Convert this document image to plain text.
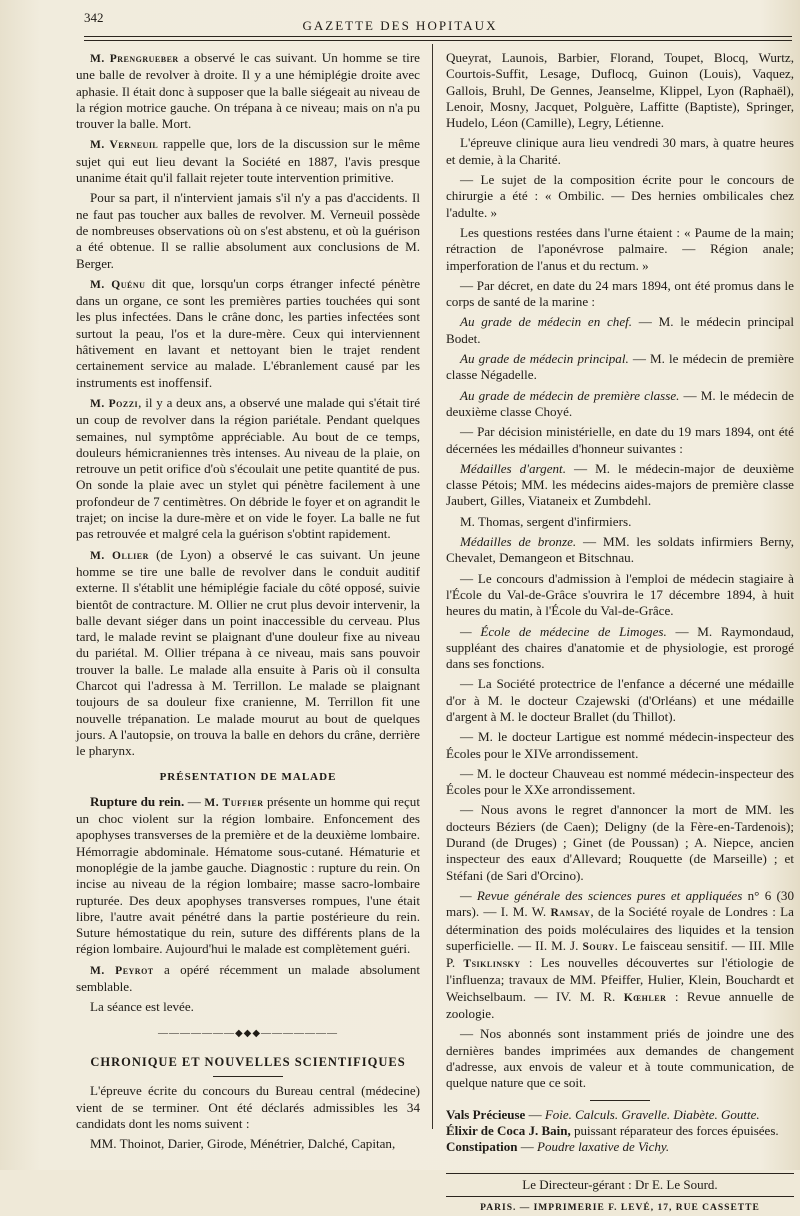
342
GAZETTE DES HOPITAUX

M. Prengrueber a observé le cas suivant. Un homme se tire une balle de revolver à droite. Il y a une hémiplégie droite avec aphasie. Il était donc à supposer que la balle siégeait au niveau de la région motrice gauche. On trépana à ce niveau; mais on n'a pu trouver la balle. Mort.

M. Verneuil rappelle que, lors de la discussion sur le même sujet qui eut lieu devant la Société en 1887, l'avis presque unanime était qu'il fallait rejeter toute intervention primitive.

Pour sa part, il n'intervient jamais s'il n'y a pas d'accidents. Il ne faut pas toucher aux balles de revolver. M. Verneuil possède de nombreuses observations où on s'est abstenu, et où la guérison a été obtenue. Il se rallie absolument aux conclusions de M. Berger.

M. Quénu dit que, lorsqu'un corps étranger infecté pénètre dans un organe, ce sont les premières parties touchées qui sont les plus infectées. Dans le crâne donc, les parties infectées sont surtout la peau, l'os et la dure-mère. Ceux qui interviennent hâtivement en lavant et nettoyant bien le trajet rendent certainement service au malade. L'ébranlement causé par les instruments est inoffensif.

M. Pozzi, il y a deux ans, a observé une malade qui s'était tiré un coup de revolver dans la région pariétale. Pendant quelques semaines, nul symptôme appréciable. Au bout de ce temps, douleurs hémicraniennes très intenses. Au niveau de la plaie, on retrouve un petit orifice d'où s'écoulait une petite quantité de pus. On sonde la plaie avec un stylet qui pénètre facilement à une profondeur de 7 centimètres. On débride le foyer et on agrandit le trajet; on incise la dure-mère et on vide le foyer. La balle ne fut pas retrouvée et malgré cela la guérison s'obtint rapidement.

M. Ollier (de Lyon) a observé le cas suivant. Un jeune homme se tire une balle de revolver dans le conduit auditif externe. Il s'établit une hémiplégie faciale du côté opposé, suivie bientôt de contracture. M. Ollier ne crut plus devoir intervenir, la balle devant siéger dans un point inaccessible du cerveau. Plus tard, le malade revint se plaignant d'une douleur fixe au niveau du pariétal. M. Ollier trépana à ce niveau, mais sans pouvoir trouver la balle. Le malade alla ensuite à Paris où il consulta Charcot qui l'adressa à M. Terrillon. Le malade se plaignant toujours de sa douleur fixe cranienne, M. Terrillon fit une nouvelle trépanation. Le malade mourut au bout de quelques jours. A l'autopsie, on trouva la balle en dehors du crâne, derrière le pharynx.

PRÉSENTATION DE MALADE

Rupture du rein. — M. Tuffier présente un homme qui reçut un choc violent sur la région lombaire. Enfoncement des apophyses transverses de la première et de la deuxième lombaire. Hémorragie abdominale. Hématome sous-cutané. Hématurie et monoplégie de la jambe gauche. Diagnostic : rupture du rein. On incise au niveau de la région lombaire; masse sacro-lombaire rupturée. Des deux apophyses transverses rompues, l'une était libre, l'autre avait pénétré dans la partie postérieure du rein. Suture hémostatique du rein, suture des différents plans de la région lombaire. Aujourd'hui le malade est complètement guéri.

M. Peyrot a opéré récemment un malade absolument semblable.

La séance est levée.

―――――――◆◆◆―――――――
CHRONIQUE ET NOUVELLES SCIENTIFIQUES

L'épreuve écrite du concours du Bureau central (médecine) vient de se terminer. Ont été déclarés admissibles les 34 candidats dont les noms suivent :

MM. Thoinot, Darier, Girode, Ménétrier, Dalché, Capitan,

Queyrat, Launois, Barbier, Florand, Toupet, Blocq, Wurtz, Courtois-Suffit, Lesage, Duflocq, Guinon (Louis), Vaquez, Gallois, Bruhl, De Gennes, Jeanselme, Klippel, Lyon (Raphaël), Lenoir, Mosny, Jacquet, Polguère, Laffitte (Baptiste), Springer, Hudelo, Léon (Camille), Legry, Létienne.

L'épreuve clinique aura lieu vendredi 30 mars, à quatre heures et demie, à la Charité.

— Le sujet de la composition écrite pour le concours de chirurgie a été : « Ombilic. — Des hernies ombilicales chez l'adulte. »

Les questions restées dans l'urne étaient : « Paume de la main; rétraction de l'aponévrose palmaire. — Région anale; imperforation de l'anus et du rectum. »

— Par décret, en date du 24 mars 1894, ont été promus dans le corps de santé de la marine :

Au grade de médecin en chef. — M. le médecin principal Bodet.

Au grade de médecin principal. — M. le médecin de première classe Négadelle.

Au grade de médecin de première classe. — M. le médecin de deuxième classe Choyé.

— Par décision ministérielle, en date du 19 mars 1894, ont été décernées les médailles d'honneur suivantes :

Médailles d'argent. — M. le médecin-major de deuxième classe Pétois; MM. les médecins aides-majors de première classe Jaubert, Gilles, Viataneix et Zumbdehl.

M. Thomas, sergent d'infirmiers.

Médailles de bronze. — MM. les soldats infirmiers Berny, Chevalet, Demangeon et Bitschnau.

— Le concours d'admission à l'emploi de médecin stagiaire à l'École du Val-de-Grâce s'ouvrira le 17 décembre 1894, à huit heures du matin, à l'École du Val-de-Grâce.

— École de médecine de Limoges. — M. Raymondaud, suppléant des chaires d'anatomie et de physiologie, est prorogé dans ses fonctions.

— La Société protectrice de l'enfance a décerné une médaille d'or à M. le docteur Czajewski (d'Orléans) et une médaille d'argent à M. le docteur Brallet (du Thillot).

— M. le docteur Lartigue est nommé médecin-inspecteur des Écoles pour le XIVe arrondissement.

— M. le docteur Chauveau est nommé médecin-inspecteur des Écoles pour le XXe arrondissement.

— Nous avons le regret d'annoncer la mort de MM. les docteurs Béziers (de Caen); Deligny (de la Fère-en-Tardenois); Durand (de Druges) ; Ginet (de Poussan) ; A. Niepce, ancien inspecteur des eaux d'Allevard; Rouquette (de Marseille) ; et Stéfani (de Sari d'Orcino).

— Revue générale des sciences pures et appliquées n° 6 (30 mars). — I. M. W. Ramsay, de la Société royale de Londres : La détermination des poids moléculaires des liquides et la tension superficielle. — II. M. J. Soury. Le faisceau sensitif. — III. Mlle P. Tsiklinsky : Les nouvelles découvertes sur l'étiologie de l'influenza; travaux de MM. Pfeiffer, Hulier, Klein, Bouchardt et Weichselbaum. — IV. M. R. Kœhler : Revue annuelle de zoologie.

— Nos abonnés sont instamment priés de joindre une des dernières bandes imprimées aux demandes de changement d'adresse, aux envois de valeur et à toute communication, de quelque nature que ce soit.

Vals Précieuse — Foie. Calculs. Gravelle. Diabète. Goutte.
Élixir de Coca J. Bain, puissant réparateur des forces épuisées.
Constipation — Poudre laxative de Vichy.
Le Directeur-gérant : Dr E. Le Sourd.
PARIS. — IMPRIMERIE F. LEVÉ, 17, RUE CASSETTE
